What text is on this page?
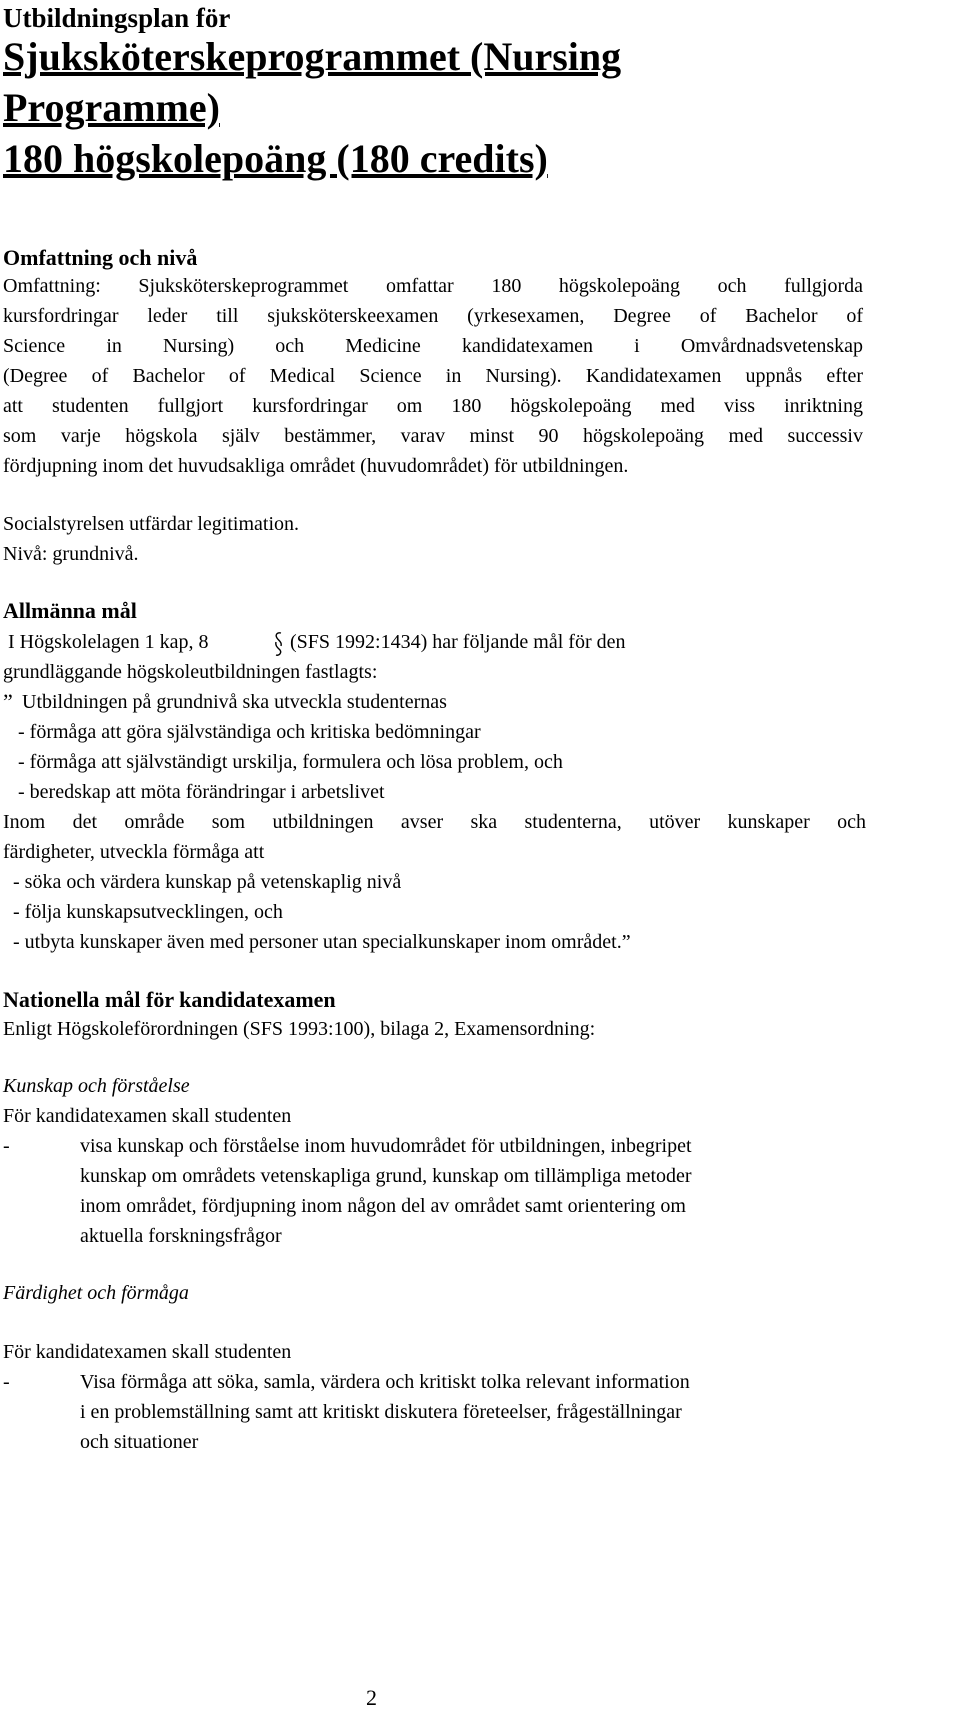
Utbildningsplan för
Sjuksköterskeprogrammet (Nursing
Programme)
180 högskolepoäng (180 credits)
Omfattning och nivå
Omfattning: Sjuksköterskeprogrammet omfattar 180 högskolepoäng och fullgjorda
kursfordringar leder till sjuksköterskeexamen (yrkesexamen, Degree of Bachelor of
Science in Nursing) och Medicine kandidatexamen i Omvårdnadsvetenskap
(Degree of Bachelor of Medical Science in Nursing). Kandidatexamen uppnås efter
att studenten fullgjort kursfordringar om 180 högskolepoäng med viss inriktning
som varje högskola själv bestämmer, varav minst 90 högskolepoäng med successiv
fördjupning inom det huvudsakliga området (huvudområdet) för utbildningen.
Socialstyrelsen utfärdar legitimation.
Nivå: grundnivå.
Allmänna mål
I Högskolelagen 1 kap, 8	(SFS 1992:1434) har följande mål för den
grundläggande högskoleutbildningen fastlagts:
” Utbildningen på grundnivå ska utveckla studenternas
- förmåga att göra självständiga och kritiska bedömningar
- förmåga att självständigt urskilja, formulera och lösa problem, och
- beredskap att möta förändringar i arbetslivet
Inom det område som utbildningen avser ska studenterna, utöver kunskaper och
färdigheter, utveckla förmåga att
- söka och värdera kunskap på vetenskaplig nivå
- följa kunskapsutvecklingen, och
- utbyta kunskaper även med personer utan specialkunskaper inom området.”
Nationella mål för kandidatexamen
Enligt Högskoleförordningen (SFS 1993:100), bilaga 2, Examensordning:
Kunskap och förståelse
För kandidatexamen skall studenten
-	visa kunskap och förståelse inom huvudområdet för utbildningen, inbegripet
kunskap om områdets vetenskapliga grund, kunskap om tillämpliga metoder
inom området, fördjupning inom någon del av området samt orientering om
aktuella forskningsfrågor
Färdighet och förmåga
För kandidatexamen skall studenten
-	Visa förmåga att söka, samla, värdera och kritiskt tolka relevant information
i en problemställning samt att kritiskt diskutera företeelser, frågeställningar
och situationer
2
